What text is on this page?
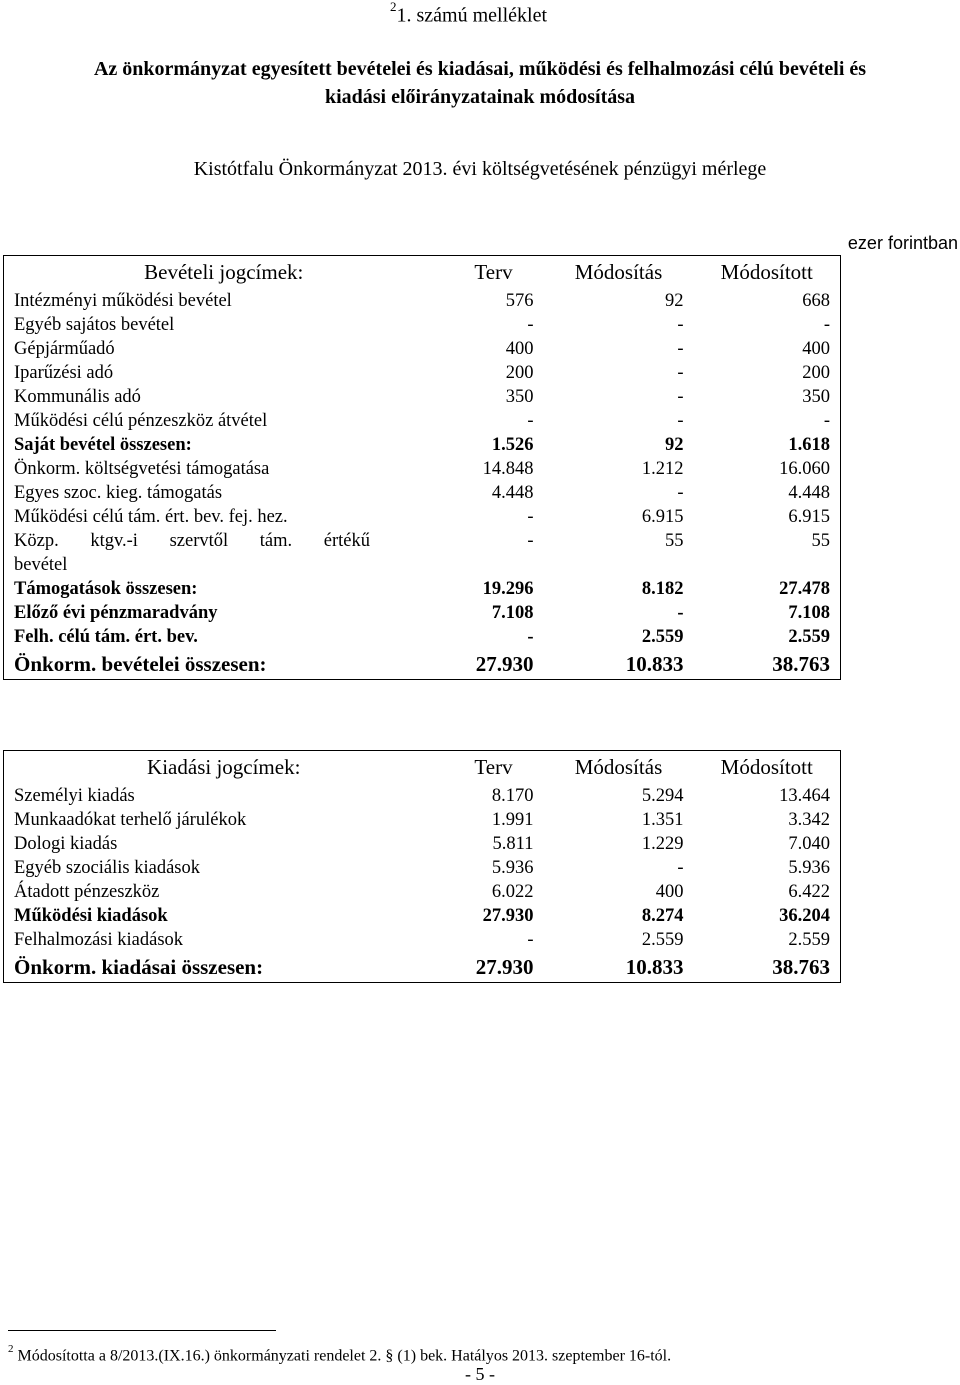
$^2$1. számú melléklet
Az önkormányzat egyesített bevételei és kiadásai, működési és felhalmozási célú bevételi és
kiadási előirányzatainak módosítása
Kistótfalu Önkormányzat 2013. évi költségvetésének pénzügyi mérlege
ezer forintban
Bevételi jogcímek:	Terv	Módosítás	Módosított
Intézményi működési bevétel	576	92	668
Egyéb sajátos bevétel	-	-	-
Gépjárműadó	400	-	400
Iparűzési adó	200	-	200
Kommunális adó	350	-	350
Működési célú pénzeszköz átvétel	-	-	-
Saját bevétel összesen:	1.526	92	1.618
Önkorm. költségvetési támogatása	14.848	1.212	16.060
Egyes szoc. kieg. támogatás	4.448	-	4.448
Működési célú tám. ért. bev. fej. hez.	-	6.915	6.915

Közp. ktgv.-i szervtől tám. értékű
bevétel	-	55	55
Támogatások összesen:	19.296	8.182	27.478
Előző évi pénzmaradvány	7.108	-	7.108
Felh. célú tám. ért. bev.	-	2.559	2.559
Önkorm. bevételei összesen:	27.930	10.833	38.763
Kiadási jogcímek:	Terv	Módosítás	Módosított
Személyi kiadás	8.170	5.294	13.464
Munkaadókat terhelő járulékok	1.991	1.351	3.342
Dologi kiadás	5.811	1.229	7.040
Egyéb szociális kiadások	5.936	-	5.936
Átadott pénzeszköz	6.022	400	6.422
Működési kiadások	27.930	8.274	36.204
Felhalmozási kiadások	-	2.559	2.559
Önkorm. kiadásai összesen:	27.930	10.833	38.763
$^2$ Módosította a 8/2013.(IX.16.) önkormányzati rendelet 2. § (1) bek. Hatályos 2013. szeptember 16-tól.
- 5 -
